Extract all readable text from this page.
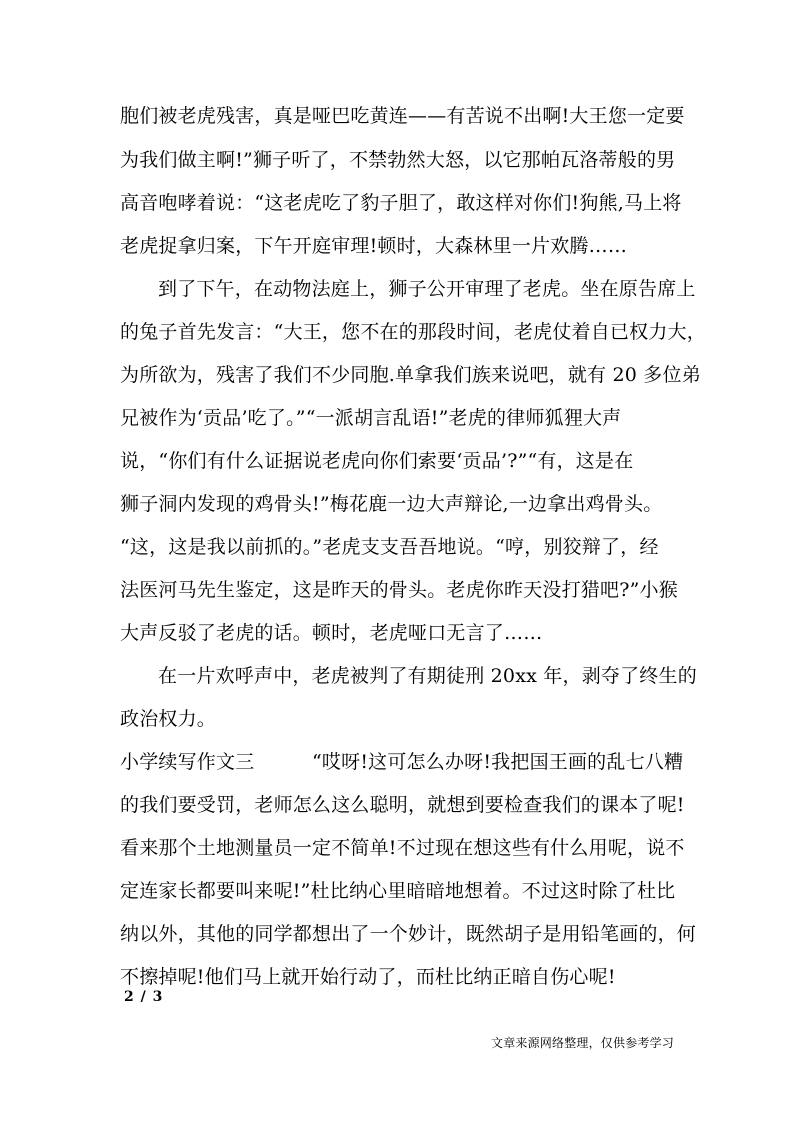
胞们被老虎残害，真是哑巴吃黄连——有苦说不出啊!大王您一定要
为我们做主啊!”狮子听了，不禁勃然大怒，以它那帕瓦洛蒂般的男
高音咆哮着说：“这老虎吃了豹子胆了，敢这样对你们!狗熊,马上将
老虎捉拿归案，下午开庭审理!顿时，大森林里一片欢腾……
到了下午，在动物法庭上，狮子公开审理了老虎。坐在原告席上
的兔子首先发言：“大王，您不在的那段时间，老虎仗着自已权力大，
为所欲为，残害了我们不少同胞.单拿我们族来说吧，就有 20 多位弟
兄被作为‘贡品’吃了。”“一派胡言乱语!”老虎的律师狐狸大声
说，“你们有什么证据说老虎向你们索要‘贡品’?”“有，这是在
狮子洞内发现的鸡骨头!”梅花鹿一边大声辩论,一边拿出鸡骨头。
“这，这是我以前抓的。”老虎支支吾吾地说。“哼，别狡辩了，经
法医河马先生鉴定，这是昨天的骨头。老虎你昨天没打猎吧?”小猴
大声反驳了老虎的话。顿时，老虎哑口无言了……
在一片欢呼声中，老虎被判了有期徒刑 20xx 年，剥夺了终生的
政治权力。
小学续写作文三　　　“哎呀!这可怎么办呀!我把国王画的乱七八糟
的我们要受罚，老师怎么这么聪明，就想到要检查我们的课本了呢!
看来那个土地测量员一定不简单!不过现在想这些有什么用呢，说不
定连家长都要叫来呢!”杜比纳心里暗暗地想着。不过这时除了杜比
纳以外，其他的同学都想出了一个妙计，既然胡子是用铅笔画的，何
不擦掉呢!他们马上就开始行动了，而杜比纳正暗自伤心呢!
2 / 3
文章来源网络整理，仅供参考学习
